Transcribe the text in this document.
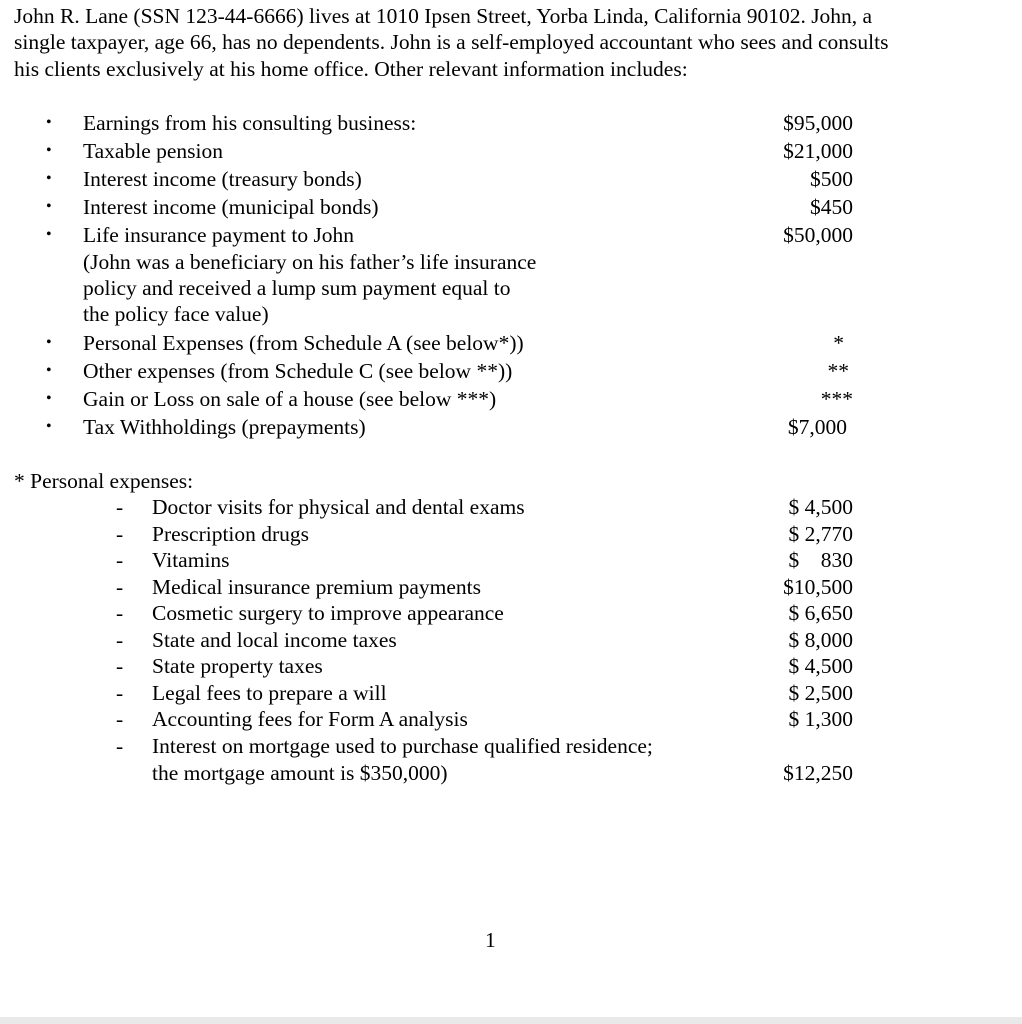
John R. Lane (SSN 123-44-6666) lives at 1010 Ipsen Street, Yorba Linda, California 90102. John, a
single taxpayer, age 66, has no dependents. John is a self-employed accountant who sees and consults
his clients exclusively at his home office. Other relevant information includes:
• Earnings from his consulting business:	$95,000
• Taxable pension	$21,000
• Interest income (treasury bonds)	$500
• Interest income (municipal bonds)	$450
• Life insurance payment to John	$50,000
(John was a beneficiary on his father’s life insurance
policy and received a lump sum payment equal to
the policy face value)
• Personal Expenses (from Schedule A (see below*))	*
• Other expenses (from Schedule C (see below **))	**
• Gain or Loss on sale of a house (see below ***)	***
• Tax Withholdings (prepayments)	$7,000
* Personal expenses:
- Doctor visits for physical and dental exams	$ 4,500
- Prescription drugs	$ 2,770
- Vitamins	$    830
- Medical insurance premium payments	$10,500
- Cosmetic surgery to improve appearance	$ 6,650
- State and local income taxes	$ 8,000
- State property taxes	$ 4,500
- Legal fees to prepare a will	$ 2,500
- Accounting fees for Form A analysis	$ 1,300
- Interest on mortgage used to purchase qualified residence;
the mortgage amount is $350,000)	$12,250
1
